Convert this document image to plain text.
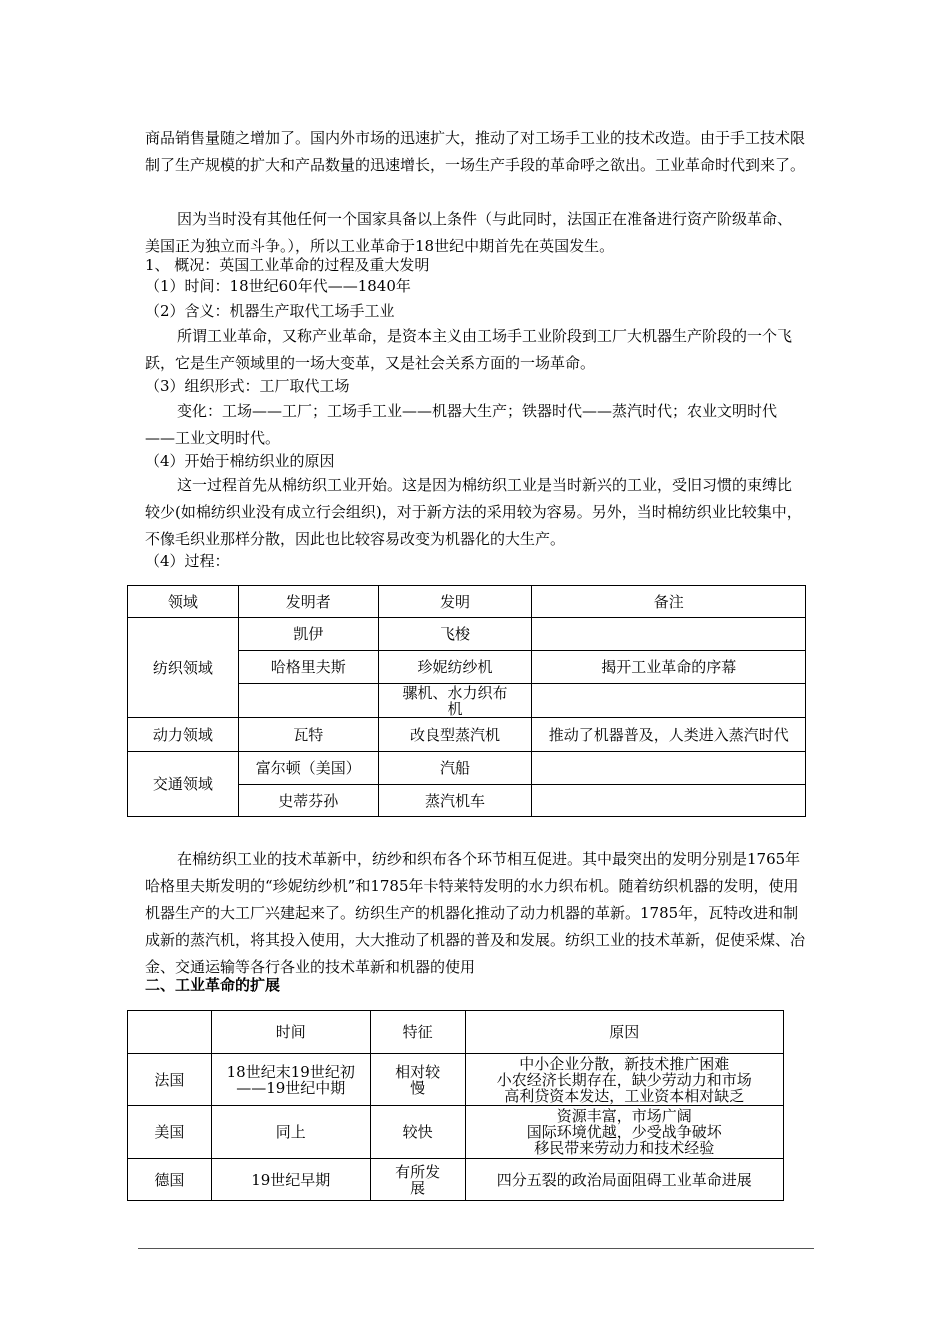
商品销售量随之增加了。国内外市场的迅速扩大，推动了对工场手工业的技术改造。由于手工技术限制了生产规模的扩大和产品数量的迅速增长，一场生产手段的革命呼之欲出。工业革命时代到来了。

因为当时没有其他任何一个国家具备以上条件（与此同时，法国正在准备进行资产阶级革命、美国正为独立而斗争。），所以工业革命于18世纪中期首先在英国发生。

1、 概况：英国工业革命的过程及重大发明

（1）时间：18世纪60年代——1840年

（2）含义：机器生产取代工场手工业

所谓工业革命，又称产业革命，是资本主义由工场手工业阶段到工厂大机器生产阶段的一个飞跃，它是生产领域里的一场大变革，又是社会关系方面的一场革命。

（3）组织形式：工厂取代工场

变化：工场——工厂；工场手工业——机器大生产；铁器时代——蒸汽时代；农业文明时代——工业文明时代。

（4）开始于棉纺织业的原因

这一过程首先从棉纺织工业开始。这是因为棉纺织工业是当时新兴的工业，受旧习惯的束缚比较少(如棉纺织业没有成立行会组织)，对于新方法的采用较为容易。另外，当时棉纺织业比较集中，不像毛织业那样分散，因此也比较容易改变为机器化的大生产。

（4）过程：

在棉纺织工业的技术革新中，纺纱和织布各个环节相互促进。其中最突出的发明分别是1765年哈格里夫斯发明的“珍妮纺纱机”和1785年卡特莱特发明的水力织布机。随着纺织机器的发明，使用机器生产的大工厂兴建起来了。纺织生产的机器化推动了动力机器的革新。1785年，瓦特改进和制成新的蒸汽机，将其投入使用，大大推动了机器的普及和发展。纺织工业的技术革新，促使采煤、冶金、交通运输等各行各业的技术革新和机器的使用

二、工业革命的扩展

领域	发明者	发明	备注
纺织领域	凯伊	飞梭	
	哈格里夫斯	珍妮纺纱机	揭开工业革命的序幕
		骡机、水力织布机	
动力领域	瓦特	改良型蒸汽机	推动了机器普及，人类进入蒸汽时代
交通领域	富尔顿（美国）	汽船	
	史蒂芬孙	蒸汽机车	
	时间	特征	原因
法国	18世纪末19世纪初——19世纪中期	相对较慢	中小企业分散，新技术推广困难
小农经济长期存在，缺少劳动力和市场
高利贷资本发达，工业资本相对缺乏
美国	同上	较快	资源丰富，市场广阔
国际环境优越，少受战争破坏
移民带来劳动力和技术经验
德国	19世纪早期	有所发展	四分五裂的政治局面阻碍工业革命进展
